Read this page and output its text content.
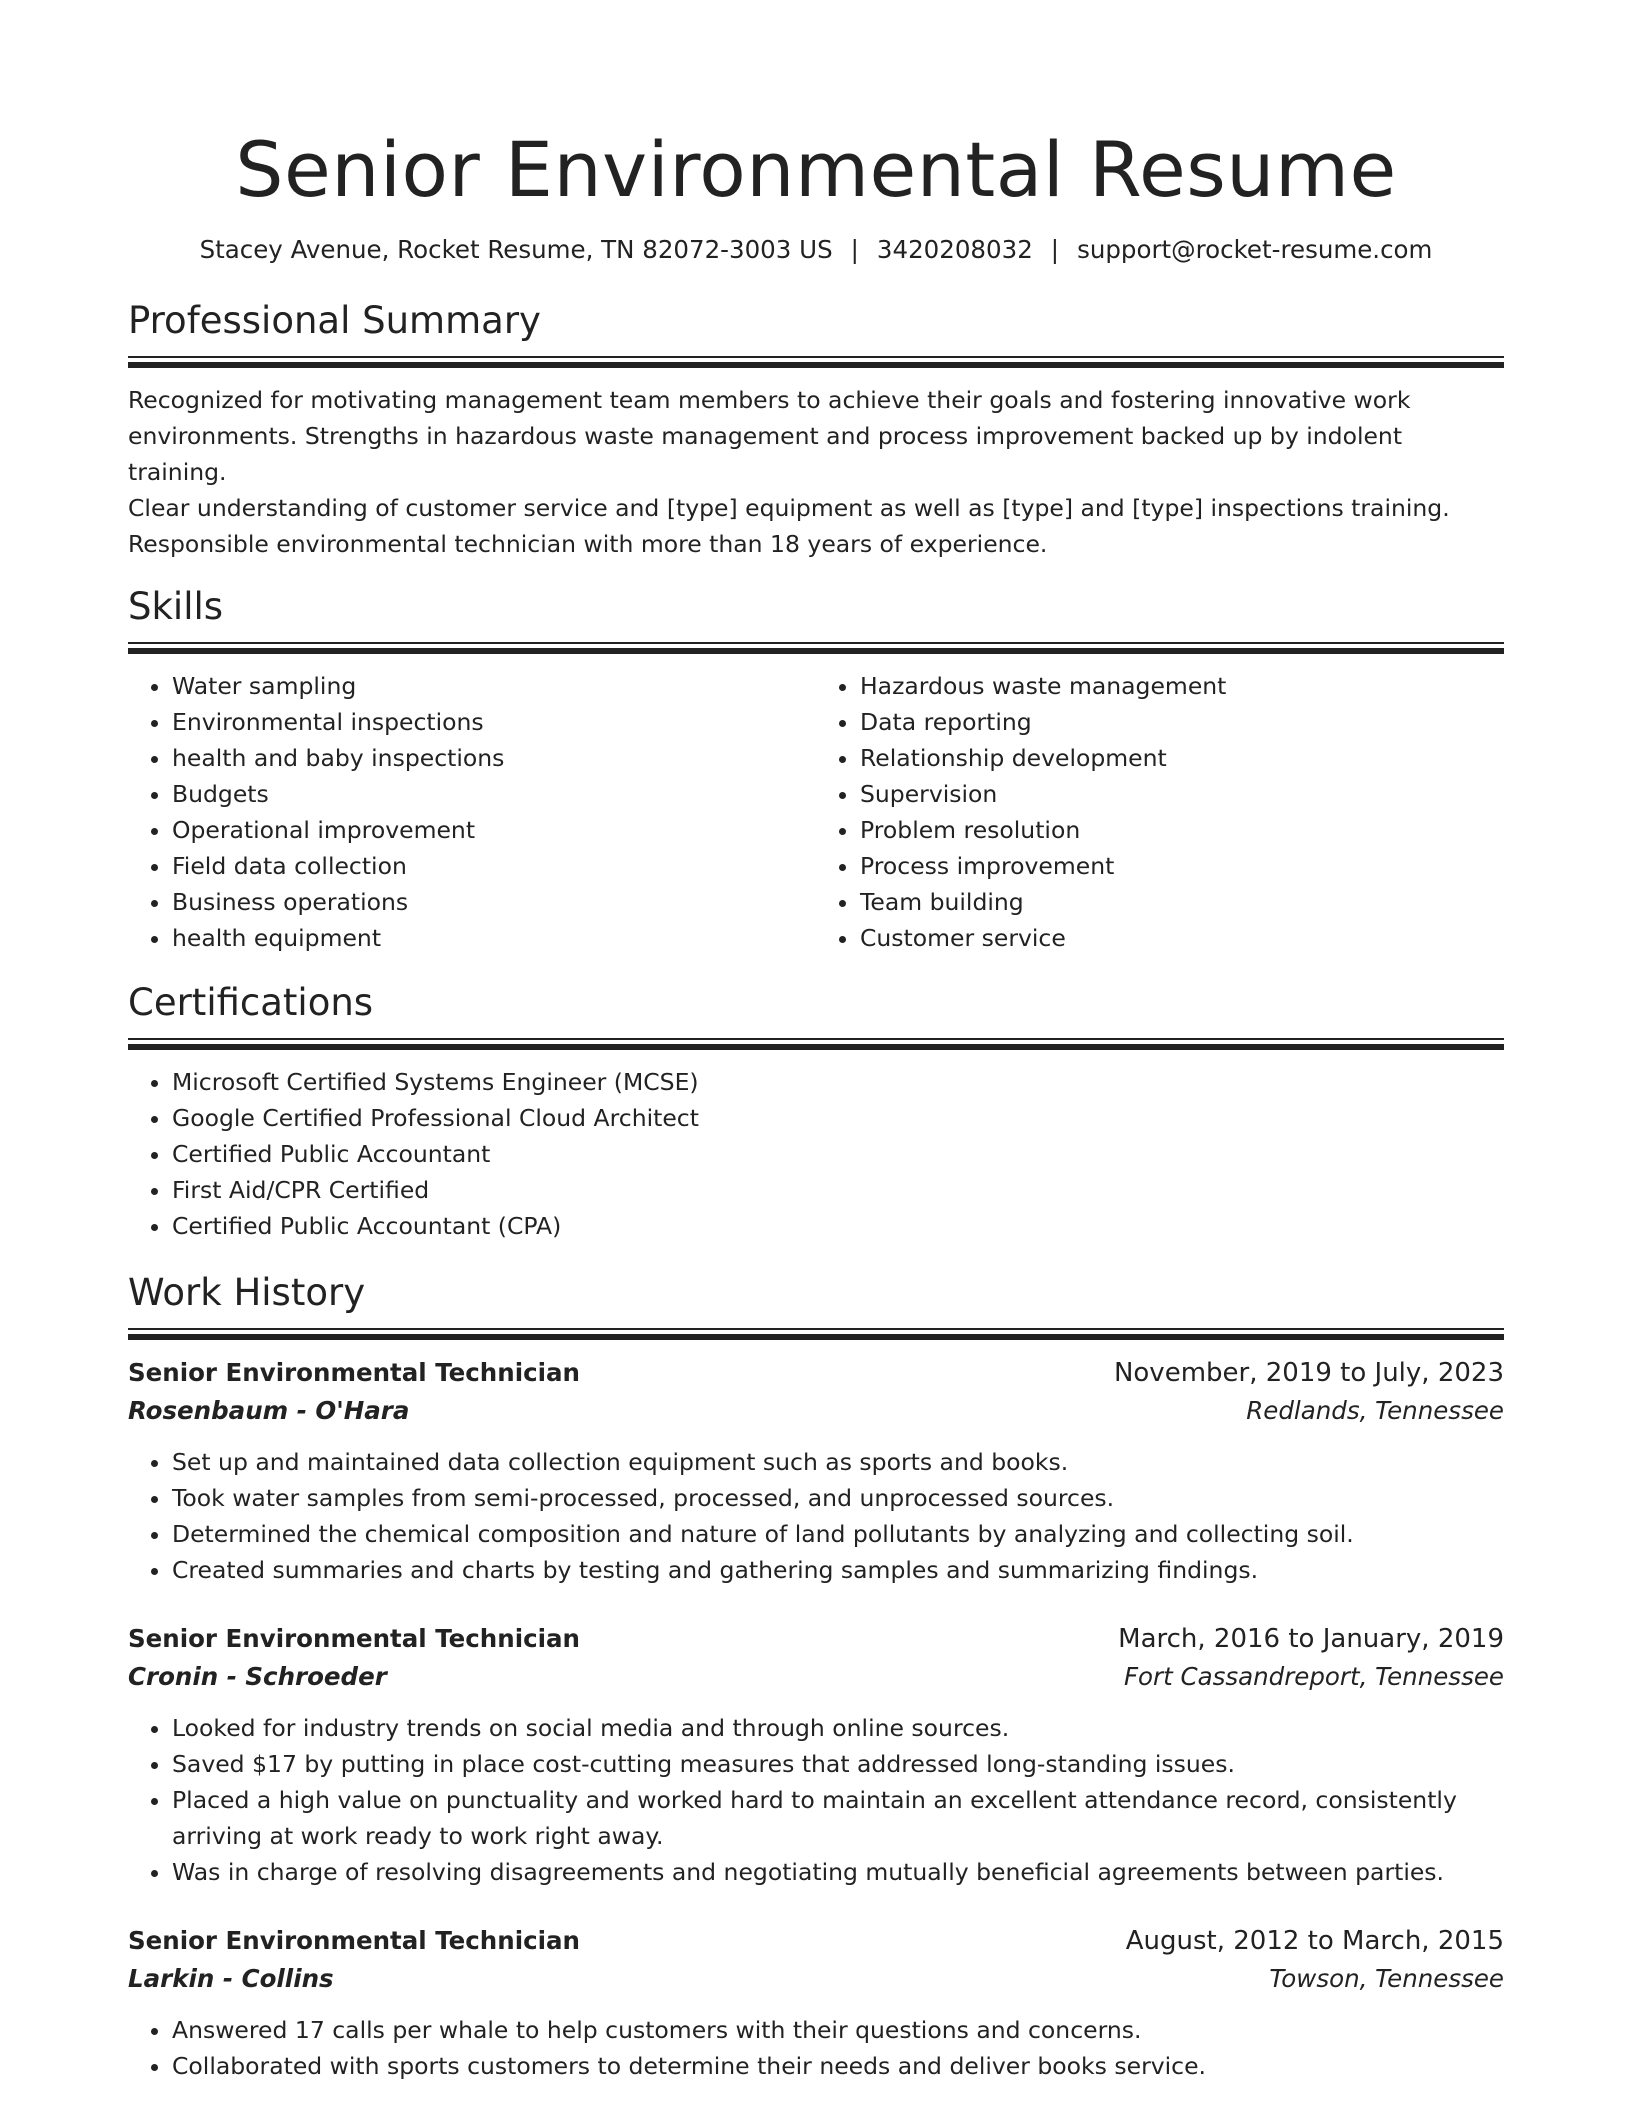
Senior Environmental Resume
Stacey Avenue, Rocket Resume, TN 82072-3003 US | 3420208032 | support@rocket-resume.com
Professional Summary
Recognized for motivating management team members to achieve their goals and fostering innovative work
environments. Strengths in hazardous waste management and process improvement backed up by indolent training.
Clear understanding of customer service and [type] equipment as well as [type] and [type] inspections training.
Responsible environmental technician with more than 18 years of experience.
Skills
• Water sampling
• Environmental inspections
• health and baby inspections
• Budgets
• Operational improvement
• Field data collection
• Business operations
• health equipment
• Hazardous waste management
• Data reporting
• Relationship development
• Supervision
• Problem resolution
• Process improvement
• Team building
• Customer service
Certifications
• Microsoft Certified Systems Engineer (MCSE)
• Google Certified Professional Cloud Architect
• Certified Public Accountant
• First Aid/CPR Certified
• Certified Public Accountant (CPA)
Work History
Senior Environmental Technician	November, 2019 to July, 2023
Rosenbaum - O'Hara	Redlands, Tennessee
• Set up and maintained data collection equipment such as sports and books.
• Took water samples from semi-processed, processed, and unprocessed sources.
• Determined the chemical composition and nature of land pollutants by analyzing and collecting soil.
• Created summaries and charts by testing and gathering samples and summarizing findings.
Senior Environmental Technician	March, 2016 to January, 2019
Cronin - Schroeder	Fort Cassandreport, Tennessee
• Looked for industry trends on social media and through online sources.
• Saved $17 by putting in place cost-cutting measures that addressed long-standing issues.
• Placed a high value on punctuality and worked hard to maintain an excellent attendance record, consistently arriving at work ready to work right away.
• Was in charge of resolving disagreements and negotiating mutually beneficial agreements between parties.
Senior Environmental Technician	August, 2012 to March, 2015
Larkin - Collins	Towson, Tennessee
• Answered 17 calls per whale to help customers with their questions and concerns.
• Collaborated with sports customers to determine their needs and deliver books service.
